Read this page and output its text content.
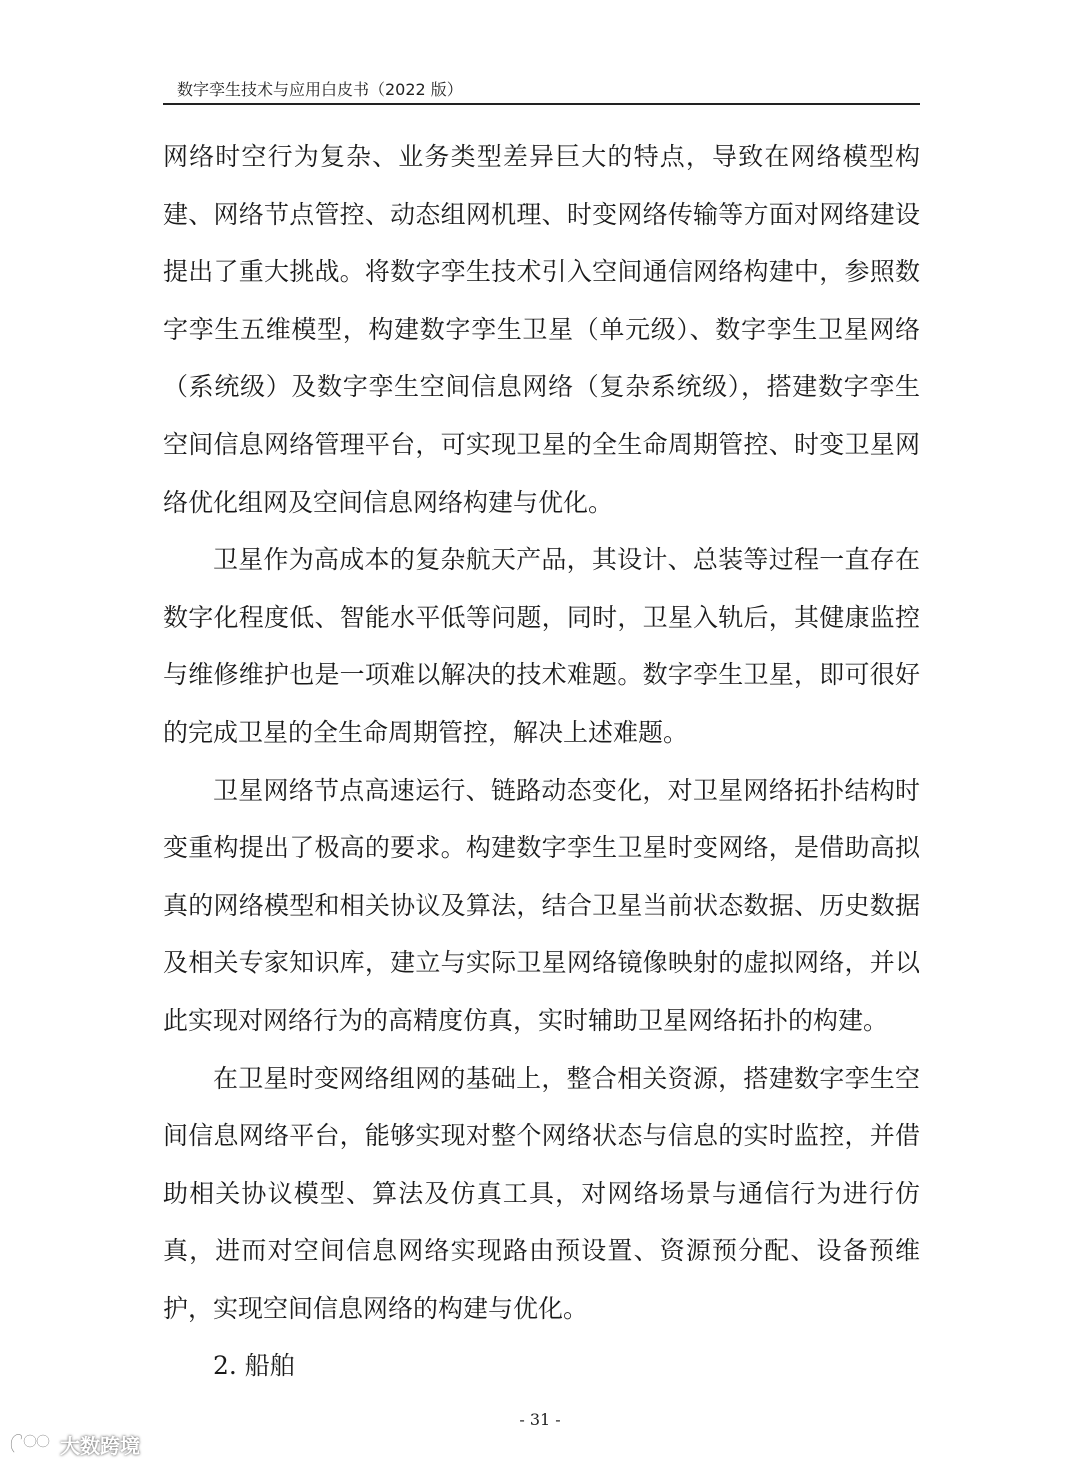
数字孪生技术与应用白皮书（2022 版）

网络时空行为复杂、业务类型差异巨大的特点，导致在网络模型构建、网络节点管控、动态组网机理、时变网络传输等方面对网络建设提出了重大挑战。将数字孪生技术引入空间通信网络构建中，参照数字孪生五维模型，构建数字孪生卫星（单元级）、数字孪生卫星网络（系统级）及数字孪生空间信息网络（复杂系统级），搭建数字孪生空间信息网络管理平台，可实现卫星的全生命周期管控、时变卫星网络优化组网及空间信息网络构建与优化。

卫星作为高成本的复杂航天产品，其设计、总装等过程一直存在数字化程度低、智能水平低等问题，同时，卫星入轨后，其健康监控与维修维护也是一项难以解决的技术难题。数字孪生卫星，即可很好的完成卫星的全生命周期管控，解决上述难题。

卫星网络节点高速运行、链路动态变化，对卫星网络拓扑结构时变重构提出了极高的要求。构建数字孪生卫星时变网络，是借助高拟真的网络模型和相关协议及算法，结合卫星当前状态数据、历史数据及相关专家知识库，建立与实际卫星网络镜像映射的虚拟网络，并以此实现对网络行为的高精度仿真，实时辅助卫星网络拓扑的构建。

在卫星时变网络组网的基础上，整合相关资源，搭建数字孪生空间信息网络平台，能够实现对整个网络状态与信息的实时监控，并借助相关协议模型、算法及仿真工具，对网络场景与通信行为进行仿真，进而对空间信息网络实现路由预设置、资源预分配、设备预维护，实现空间信息网络的构建与优化。

2. 船舶

- 31 -
大数跨境
